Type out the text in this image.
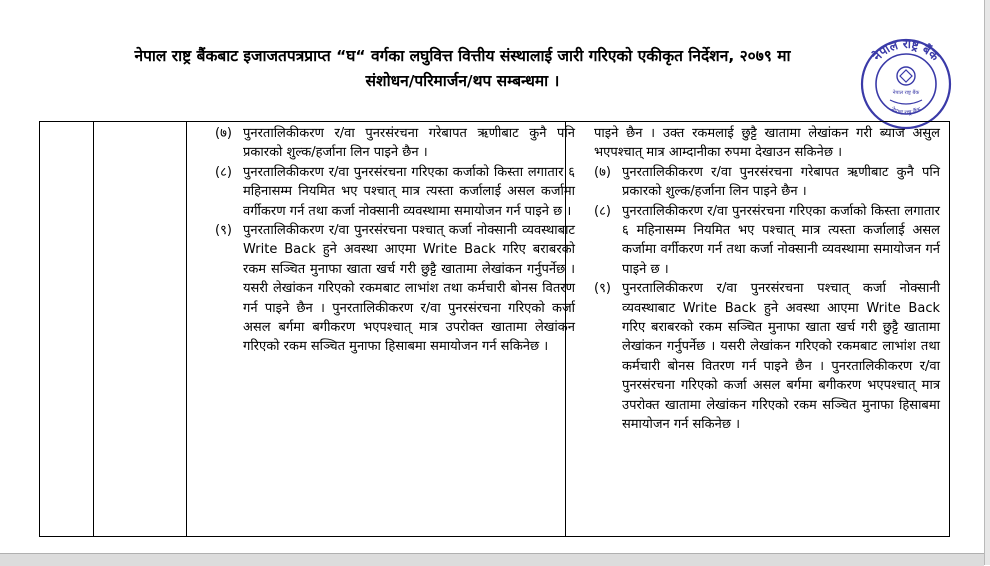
नेपाल राष्ट्र बैंकबाट इजाजतपत्रप्राप्त “घ“ वर्गका लघुवित्त वित्तीय संस्थालाई जारी गरिएको एकीकृत निर्देशन, २०७९ मा
संशोधन/परिमार्जन/थप सम्बन्धमा ।
नेपाल राष्ट्र बैंक
नेपाल राष्ट्र बैंक
नेपाल राष्ट्र बैंक
(७) पुनरतालिकीकरण र/वा पुनरसंरचना गरेबापत ऋणीबाट कुनै पनि प्रकारको शुल्क/हर्जाना लिन पाइने छैन ।
(८) पुनरतालिकीकरण र/वा पुनरसंरचना गरिएका कर्जाको किस्ता लगातार ६ महिनासम्म नियमित भए पश्चात् मात्र त्यस्ता कर्जालाई असल कर्जामा वर्गीकरण गर्न तथा कर्जा नोक्सानी व्यवस्थामा समायोजन गर्न पाइने छ ।
(९) पुनरतालिकीकरण र/वा पुनरसंरचना पश्चात् कर्जा नोक्सानी व्यवस्थाबाट Write Back हुने अवस्था आएमा Write Back गरिए बराबरको रकम सञ्चित मुनाफा खाता खर्च गरी छुट्टै खातामा लेखांकन गर्नुपर्नेछ । यसरी लेखांकन गरिएको रकमबाट लाभांश तथा कर्मचारी बोनस वितरण गर्न पाइने छैन । पुनरतालिकीकरण र/वा पुनरसंरचना गरिएको कर्जा असल बर्गमा बगीकरण भएपश्चात् मात्र उपरोक्त खातामा लेखांकन गरिएको रकम सञ्चित मुनाफा हिसाबमा समायोजन गर्न सकिनेछ ।

पाइने छैन । उक्त रकमलाई छुट्टै खातामा लेखांकन गरी ब्याज असुल भएपश्चात् मात्र आम्दानीका रुपमा देखाउन सकिनेछ ।

(७) पुनरतालिकीकरण र/वा पुनरसंरचना गरेबापत ऋणीबाट कुनै पनि प्रकारको शुल्क/हर्जाना लिन पाइने छैन ।
(८) पुनरतालिकीकरण र/वा पुनरसंरचना गरिएका कर्जाको किस्ता लगातार ६ महिनासम्म नियमित भए पश्चात् मात्र त्यस्ता कर्जालाई असल कर्जामा वर्गीकरण गर्न तथा कर्जा नोक्सानी व्यवस्थामा समायोजन गर्न पाइने छ ।
(९) पुनरतालिकीकरण र/वा पुनरसंरचना पश्चात् कर्जा नोक्सानी व्यवस्थाबाट Write Back हुने अवस्था आएमा Write Back गरिए बराबरको रकम सञ्चित मुनाफा खाता खर्च गरी छुट्टै खातामा लेखांकन गर्नुपर्नेछ । यसरी लेखांकन गरिएको रकमबाट लाभांश तथा कर्मचारी बोनस वितरण गर्न पाइने छैन । पुनरतालिकीकरण र/वा पुनरसंरचना गरिएको कर्जा असल बर्गमा बगीकरण भएपश्चात् मात्र उपरोक्त खातामा लेखांकन गरिएको रकम सञ्चित मुनाफा हिसाबमा समायोजन गर्न सकिनेछ ।
